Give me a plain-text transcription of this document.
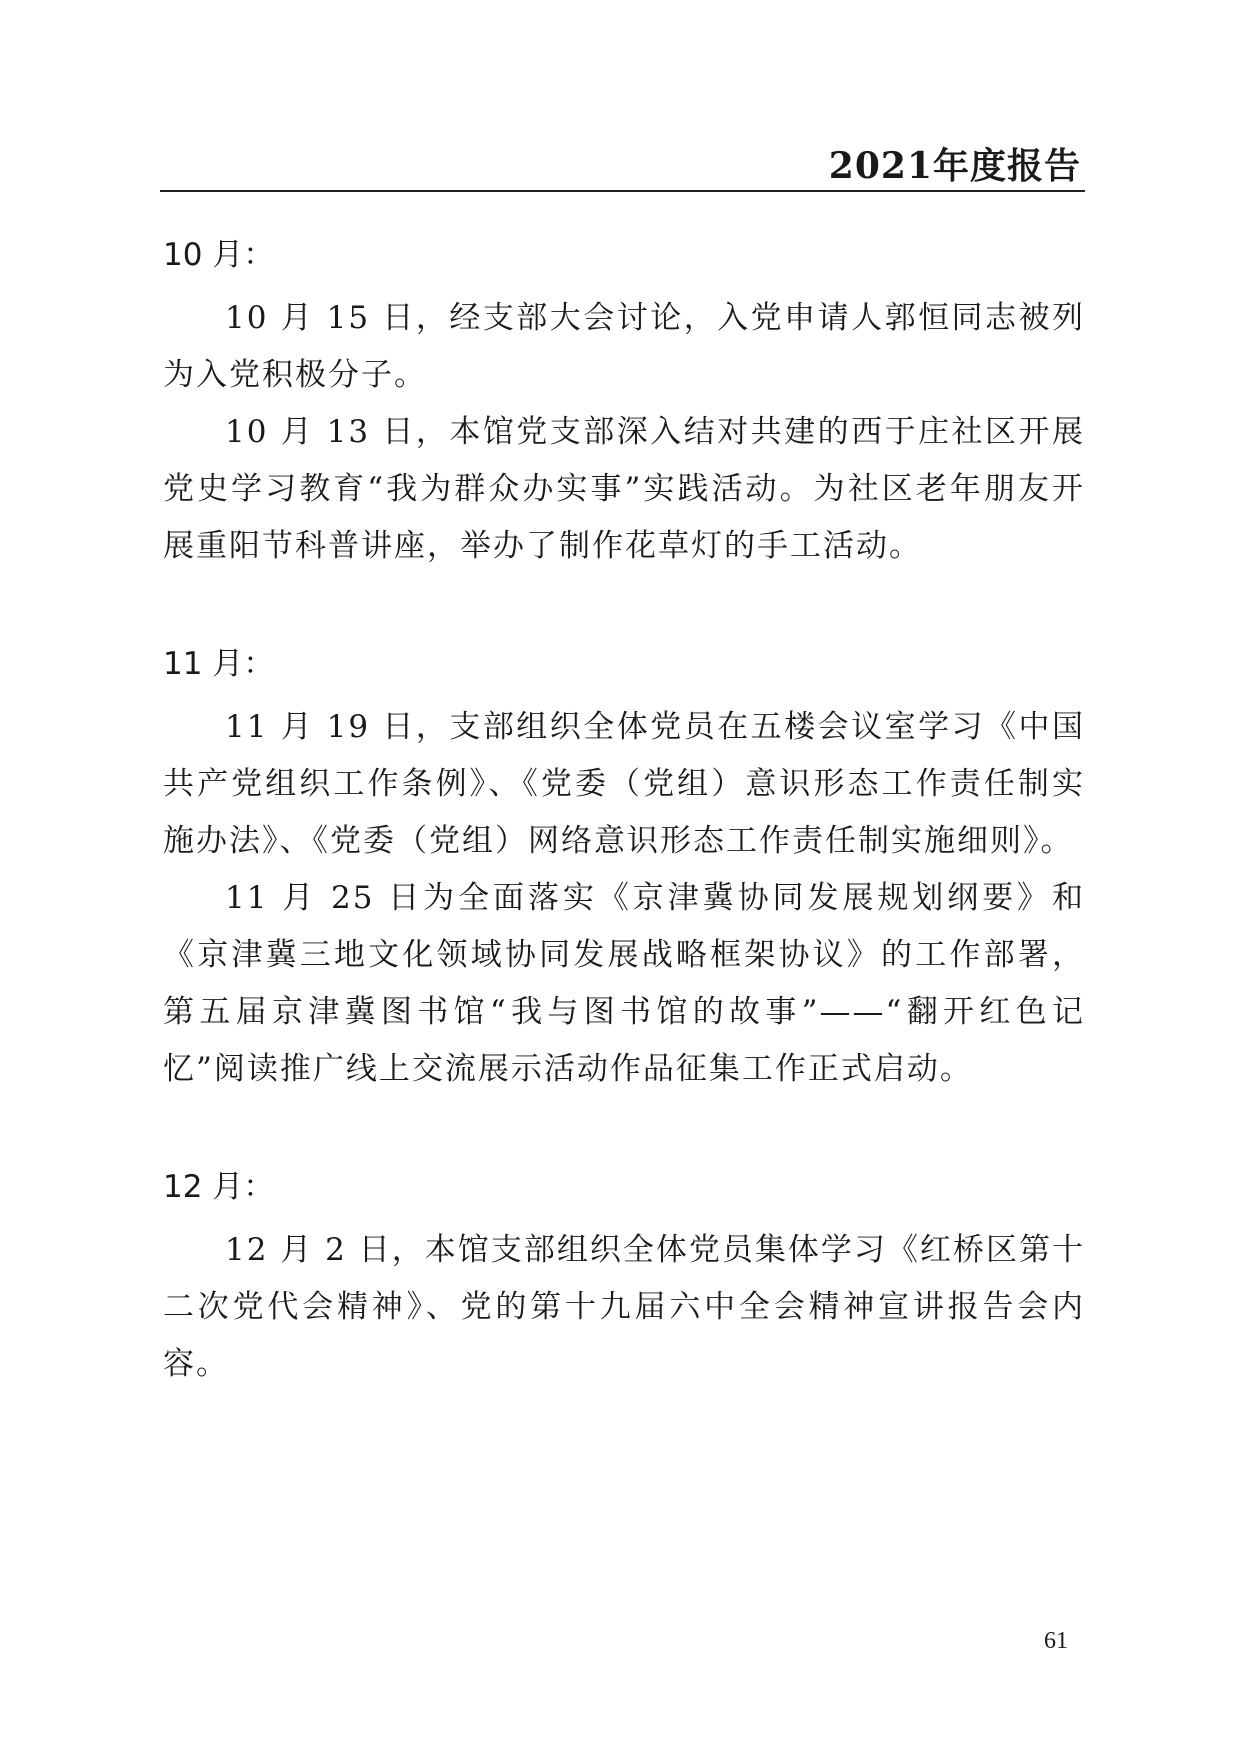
2021年度报告
10 月：

10 月 15 日，经支部大会讨论，入党申请人郭恒同志被列为入党积极分子。

10 月 13 日，本馆党支部深入结对共建的西于庄社区开展党史学习教育“我为群众办实事”实践活动。为社区老年朋友开展重阳节科普讲座，举办了制作花草灯的手工活动。

11 月：

11 月 19 日，支部组织全体党员在五楼会议室学习《中国共产党组织工作条例》、《党委（党组）意识形态工作责任制实施办法》、《党委（党组）网络意识形态工作责任制实施细则》。

11 月 25 日为全面落实《京津冀协同发展规划纲要》和《京津冀三地文化领域协同发展战略框架协议》的工作部署，第五届京津冀图书馆“我与图书馆的故事”——“翻开红色记忆”阅读推广线上交流展示活动作品征集工作正式启动。

12 月：

12 月 2 日，本馆支部组织全体党员集体学习《红桥区第十二次党代会精神》、党的第十九届六中全会精神宣讲报告会内容。

61
